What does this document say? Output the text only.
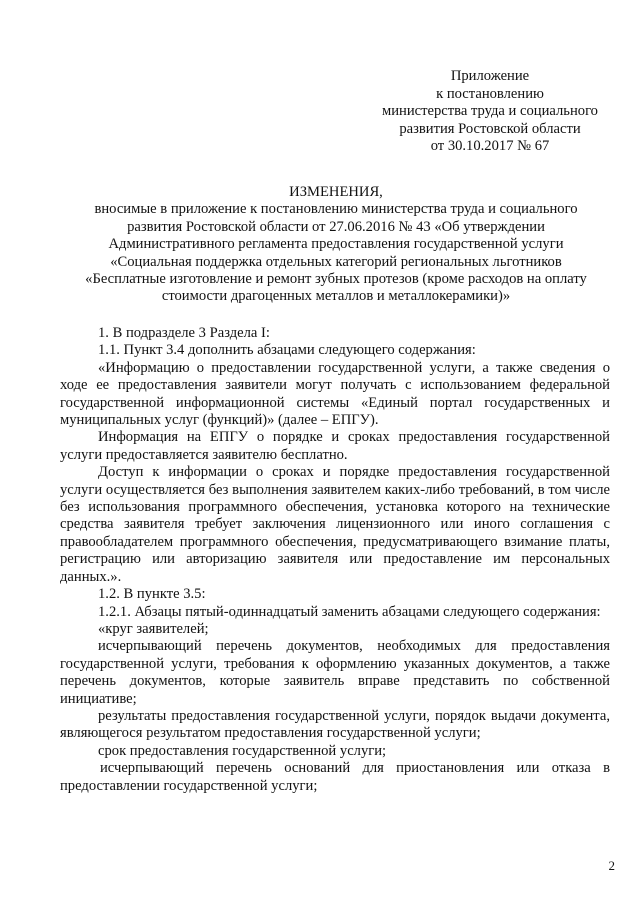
Приложение
к постановлению
министерства труда и социального
развития Ростовской области
от 30.10.2017 № 67
ИЗМЕНЕНИЯ,
вносимые в приложение к постановлению министерства труда и социального
развития Ростовской области от 27.06.2016 № 43 «Об утверждении
Административного регламента предоставления государственной услуги
«Социальная поддержка отдельных категорий региональных льготников
«Бесплатные изготовление и ремонт зубных протезов (кроме расходов на оплату
стоимости драгоценных металлов и металлокерамики)»

1. В подразделе 3 Раздела I:

1.1. Пункт 3.4 дополнить абзацами следующего содержания:

«Информацию о предоставлении государственной услуги, а также сведения о ходе ее предоставления заявители могут получать с использованием федеральной государственной информационной системы «Единый портал государственных и муниципальных услуг (функций)» (далее – ЕПГУ).

Информация на ЕПГУ о порядке и сроках предоставления государственной услуги предоставляется заявителю бесплатно.

Доступ к информации о сроках и порядке предоставления государственной услуги осуществляется без выполнения заявителем каких-либо требований, в том числе без использования программного обеспечения, установка которого на технические средства заявителя требует заключения лицензионного или иного соглашения с правообладателем программного обеспечения, предусматривающего взимание платы, регистрацию или авторизацию заявителя или предоставление им персональных данных.».

1.2. В пункте 3.5:

1.2.1. Абзацы пятый-одиннадцатый заменить абзацами следующего содержания:

«круг заявителей;

исчерпывающий перечень документов, необходимых для предоставления государственной услуги, требования к оформлению указанных документов, а также перечень документов, которые заявитель вправе представить по собственной инициативе;

результаты предоставления государственной услуги, порядок выдачи документа, являющегося результатом предоставления государственной услуги;

срок предоставления государственной услуги;

исчерпывающий перечень оснований для приостановления или отказа в предоставлении государственной услуги;

2
